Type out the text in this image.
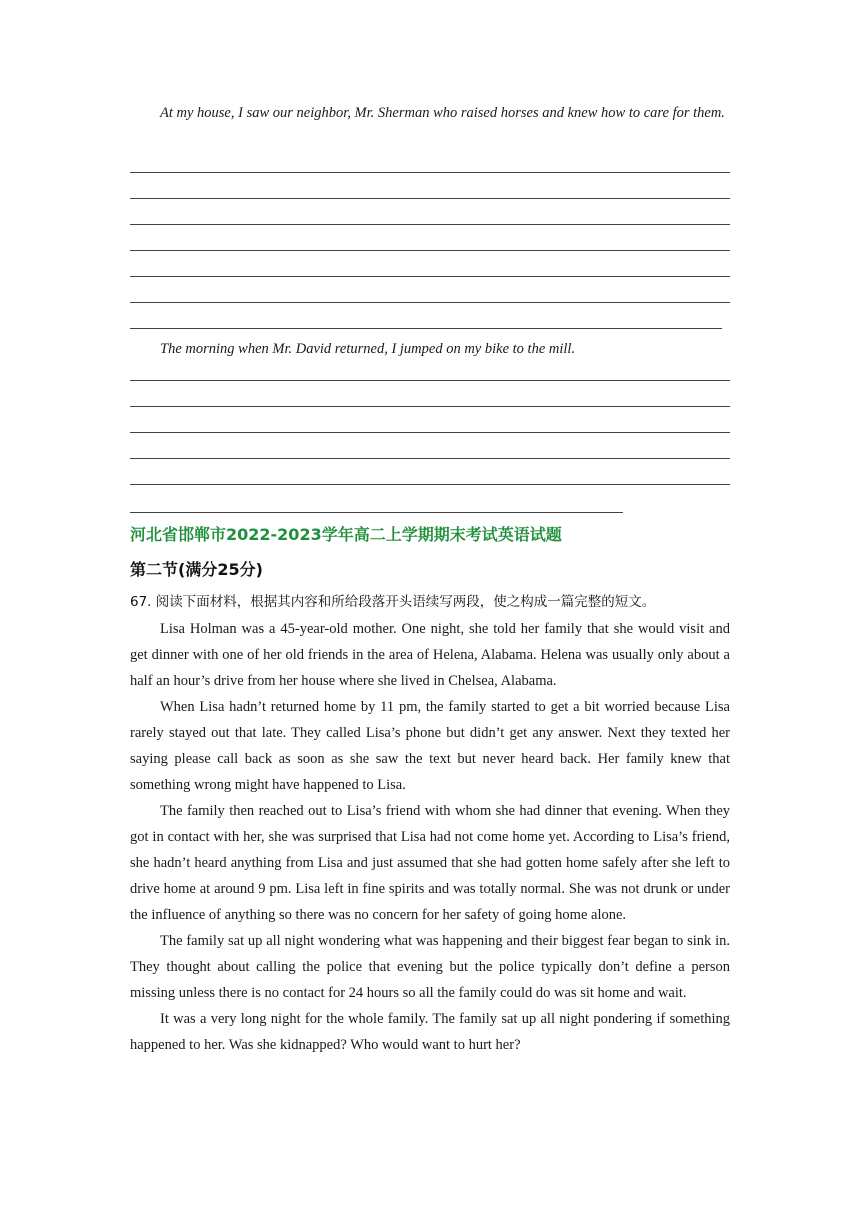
At my house, I saw our neighbor, Mr. Sherman who raised horses and knew how to care for them.
The morning when Mr. David returned, I jumped on my bike to the mill.
河北省邯郸市2022-2023学年高二上学期期末考试英语试题
第二节(满分25分)
67. 阅读下面材料，根据其内容和所给段落开头语续写两段，使之构成一篇完整的短文。

Lisa Holman was a 45-year-old mother. One night, she told her family that she would visit and get dinner with one of her old friends in the area of Helena, Alabama. Helena was usually only about a half an hour’s drive from her house where she lived in Chelsea, Alabama.

When Lisa hadn’t returned home by 11 pm, the family started to get a bit worried because Lisa rarely stayed out that late. They called Lisa’s phone but didn’t get any answer. Next they texted her saying please call back as soon as she saw the text but never heard back. Her family knew that something wrong might have happened to Lisa.

The family then reached out to Lisa’s friend with whom she had dinner that evening. When they got in contact with her, she was surprised that Lisa had not come home yet. According to Lisa’s friend, she hadn’t heard anything from Lisa and just assumed that she had gotten home safely after she left to drive home at around 9 pm. Lisa left in fine spirits and was totally normal. She was not drunk or under the influence of anything so there was no concern for her safety of going home alone.

The family sat up all night wondering what was happening and their biggest fear began to sink in. They thought about calling the police that evening but the police typically don’t define a person missing unless there is no contact for 24 hours so all the family could do was sit home and wait.

It was a very long night for the whole family. The family sat up all night pondering if something happened to her. Was she kidnapped? Who would want to hurt her?
